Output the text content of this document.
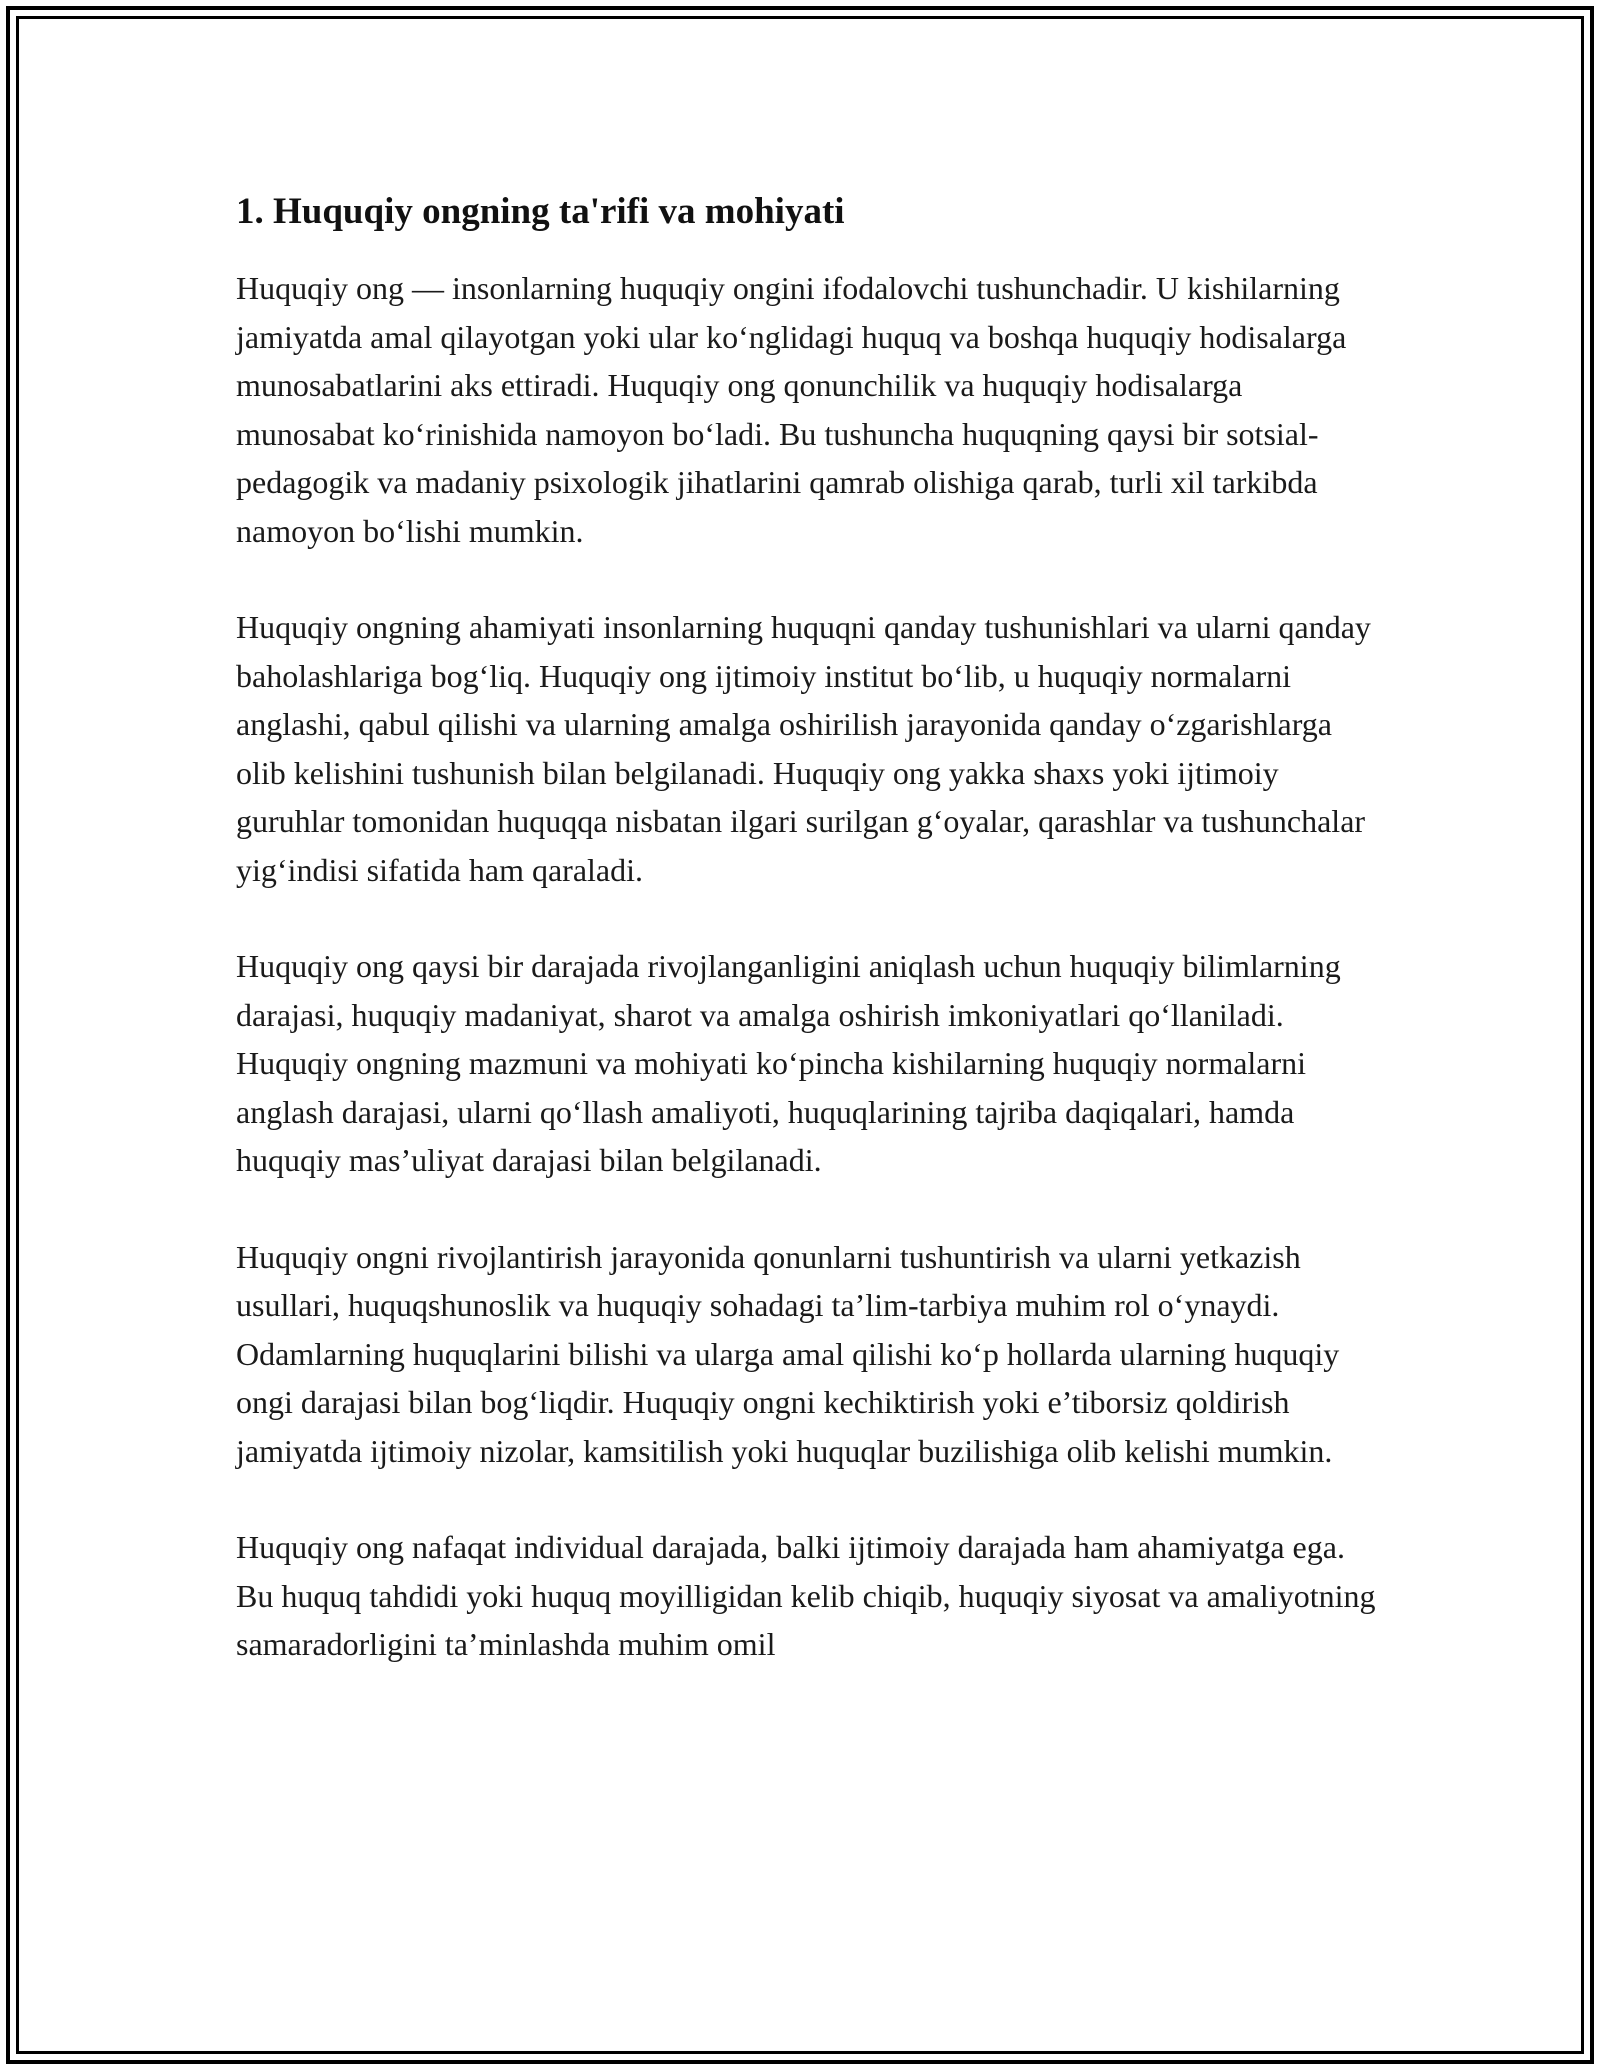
1. Huquqiy ongning ta'rifi va mohiyati

Huquqiy ong — insonlarning huquqiy ongini ifodalovchi tushunchadir. U kishilarning jamiyatda amal qilayotgan yoki ular koʻnglidagi huquq va boshqa huquqiy hodisalarga munosabatlarini aks ettiradi. Huquqiy ong qonunchilik va huquqiy hodisalarga munosabat koʻrinishida namoyon boʻladi. Bu tushuncha huquqning qaysi bir sotsial-pedagogik va madaniy psixologik jihatlarini qamrab olishiga qarab, turli xil tarkibda namoyon boʻlishi mumkin.

Huquqiy ongning ahamiyati insonlarning huquqni qanday tushunishlari va ularni qanday baholashlariga bogʻliq. Huquqiy ong ijtimoiy institut boʻlib, u huquqiy normalarni anglashi, qabul qilishi va ularning amalga oshirilish jarayonida qanday oʻzgarishlarga olib kelishini tushunish bilan belgilanadi. Huquqiy ong yakka shaxs yoki ijtimoiy guruhlar tomonidan huquqqa nisbatan ilgari surilgan gʻoyalar, qarashlar va tushunchalar yigʻindisi sifatida ham qaraladi.

Huquqiy ong qaysi bir darajada rivojlanganligini aniqlash uchun huquqiy bilimlarning darajasi, huquqiy madaniyat, sharot va amalga oshirish imkoniyatlari qoʻllaniladi. Huquqiy ongning mazmuni va mohiyati koʻpincha kishilarning huquqiy normalarni anglash darajasi, ularni qoʻllash amaliyoti, huquqlarining tajriba daqiqalari, hamda huquqiy mas’uliyat darajasi bilan belgilanadi.

Huquqiy ongni rivojlantirish jarayonida qonunlarni tushuntirish va ularni yetkazish usullari, huquqshunoslik va huquqiy sohadagi ta’lim-tarbiya muhim rol oʻynaydi. Odamlarning huquqlarini bilishi va ularga amal qilishi koʻp hollarda ularning huquqiy ongi darajasi bilan bogʻliqdir. Huquqiy ongni kechiktirish yoki e’tiborsiz qoldirish jamiyatda ijtimoiy nizolar, kamsitilish yoki huquqlar buzilishiga olib kelishi mumkin.

Huquqiy ong nafaqat individual darajada, balki ijtimoiy darajada ham ahamiyatga ega. Bu huquq tahdidi yoki huquq moyilligidan kelib chiqib, huquqiy siyosat va amaliyotning samaradorligini ta’minlashda muhim omil
